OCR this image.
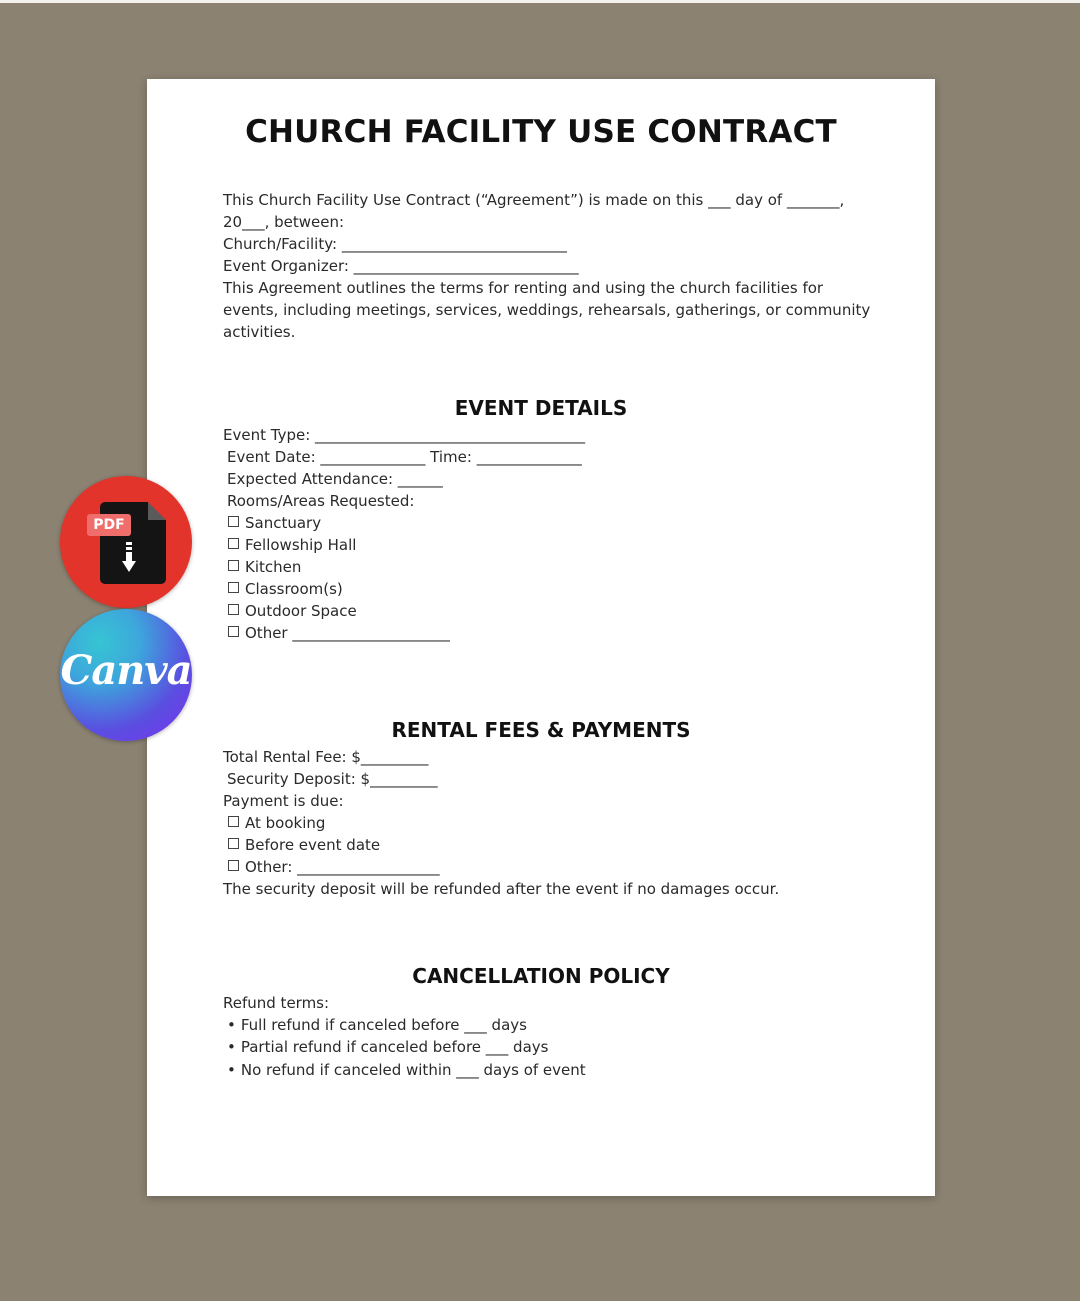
CHURCH FACILITY USE CONTRACT
This Church Facility Use Contract (“Agreement”) is made on this ___ day of _______,
20___, between:
Church/Facility: ______________________________
Event Organizer: ______________________________
This Agreement outlines the terms for renting and using the church facilities for
events, including meetings, services, weddings, rehearsals, gatherings, or community
activities.
EVENT DETAILS
Event Type: ____________________________________
Event Date: ______________ Time: ______________
Expected Attendance: ______
Rooms/Areas Requested:
Sanctuary
Fellowship Hall
Kitchen
Classroom(s)
Outdoor Space
Other _____________________
RENTAL FEES & PAYMENTS
Total Rental Fee: $_________
Security Deposit: $_________
Payment is due:
At booking
Before event date
Other: ___________________
The security deposit will be refunded after the event if no damages occur.
CANCELLATION POLICY
Refund terms:
• Full refund if canceled before ___ days
• Partial refund if canceled before ___ days
• No refund if canceled within ___ days of event
PDF
Canva
